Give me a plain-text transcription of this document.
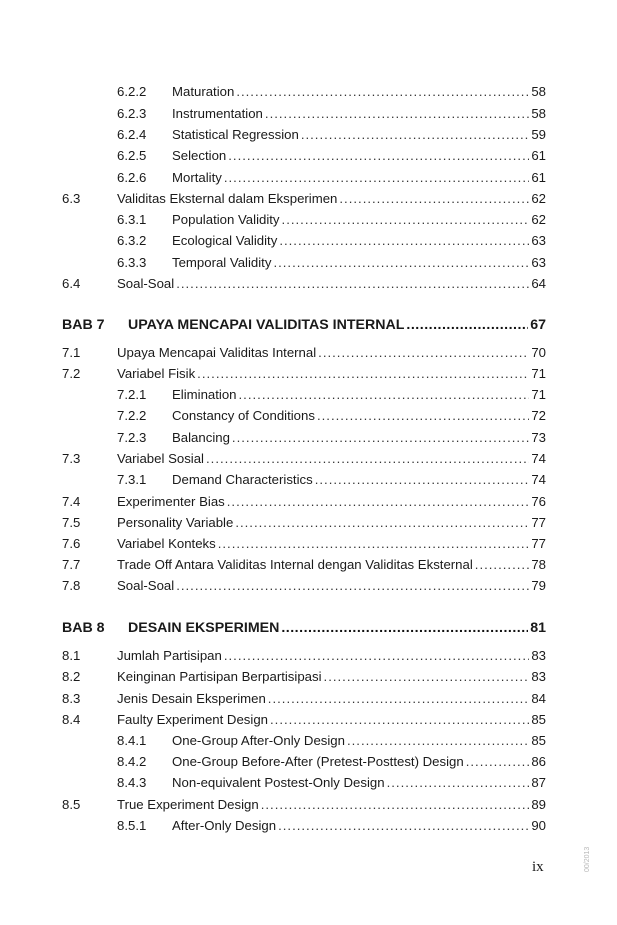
6.2.2 Maturation .....	58
6.2.3 Instrumentation .....	58
6.2.4 Statistical Regression .....	59
6.2.5 Selection .....	61
6.2.6 Mortality .....	61
6.3	Validitas Eksternal dalam Eksperimen .....	62
6.3.1 Population Validity .....	62
6.3.2 Ecological Validity .....	63
6.3.3 Temporal Validity .....	63
6.4	Soal-Soal .....	64
BAB 7 UPAYA MENCAPAI VALIDITAS INTERNAL .....	67
7.1	Upaya Mencapai Validitas Internal .....	70
7.2	Variabel Fisik .....	71
7.2.1 Elimination .....	71
7.2.2 Constancy of Conditions .....	72
7.2.3 Balancing .....	73
7.3	Variabel Sosial .....	74
7.3.1 Demand Characteristics .....	74
7.4	Experimenter Bias .....	76
7.5	Personality Variable .....	77
7.6	Variabel Konteks .....	77
7.7	Trade Off Antara Validitas Internal dengan Validitas Eksternal .....	78
7.8	Soal-Soal .....	79
BAB 8 DESAIN EKSPERIMEN .....	81
8.1	Jumlah Partisipan .....	83
8.2	Keinginan Partisipan Berpartisipasi .....	83
8.3	Jenis Desain Eksperimen .....	84
8.4	Faulty Experiment Design .....	85
8.4.1 One-Group After-Only Design .....	85
8.4.2 One-Group Before-After (Pretest-Posttest) Design .....	86
8.4.3 Non-equivalent Postest-Only Design .....	87
8.5	True Experiment Design .....	89
8.5.1 After-Only Design .....	90
ix	00/2013
